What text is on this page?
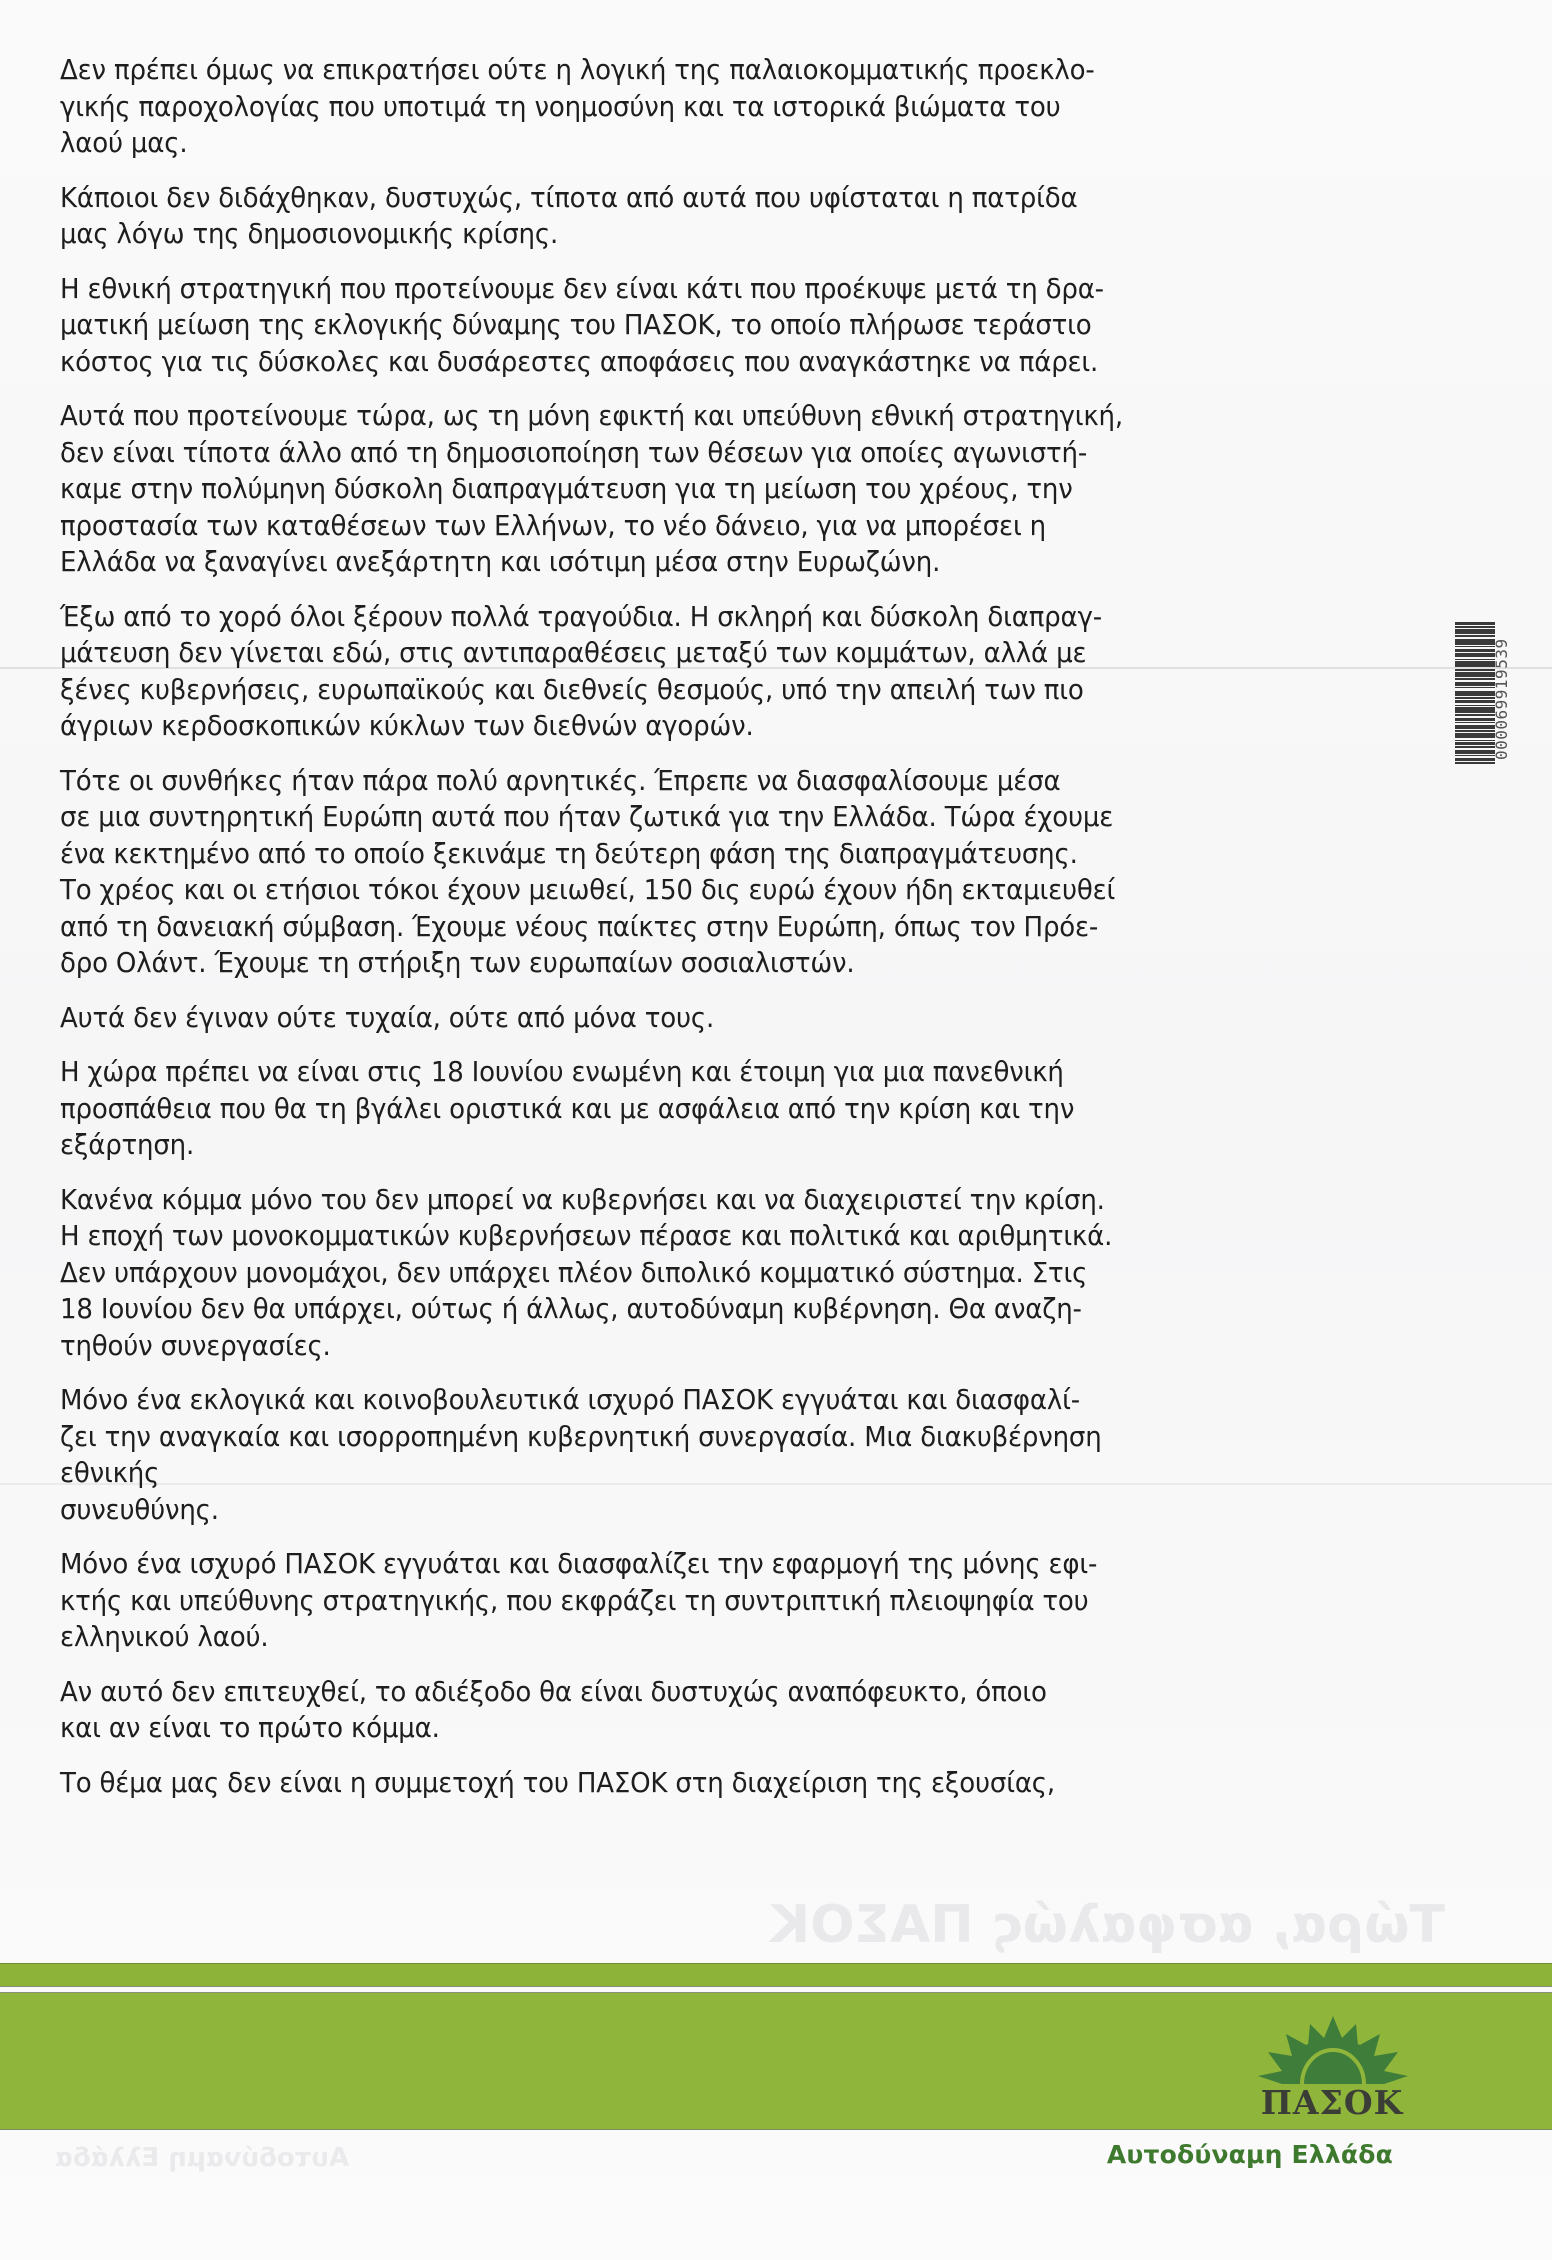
Τώρα, ασφαλώς ΠΑΣΟΚ
Αυτοδύναμη Ελλάδα
Δεν πρέπει όμως να επικρατήσει ούτε η λογική της παλαιοκομματικής προεκλο-
γικής παροχολογίας που υποτιμά τη νοημοσύνη και τα ιστορικά βιώματα του
λαού μας.
Κάποιοι δεν διδάχθηκαν, δυστυχώς, τίποτα από αυτά που υφίσταται η πατρίδα
μας λόγω της δημοσιονομικής κρίσης.
Η εθνική στρατηγική που προτείνουμε δεν είναι κάτι που προέκυψε μετά τη δρα-
ματική μείωση της εκλογικής δύναμης του ΠΑΣΟΚ, το οποίο πλήρωσε τεράστιο
κόστος για τις δύσκολες και δυσάρεστες αποφάσεις που αναγκάστηκε να πάρει.
Αυτά που προτείνουμε τώρα, ως τη μόνη εφικτή και υπεύθυνη εθνική στρατηγική,
δεν είναι τίποτα άλλο από τη δημοσιοποίηση των θέσεων για οποίες αγωνιστή-
καμε στην πολύμηνη δύσκολη διαπραγμάτευση για τη μείωση του χρέους, την
προστασία των καταθέσεων των Ελλήνων, το νέο δάνειο, για να μπορέσει η
Ελλάδα να ξαναγίνει ανεξάρτητη και ισότιμη μέσα στην Ευρωζώνη.
Έξω από το χορό όλοι ξέρουν πολλά τραγούδια. Η σκληρή και δύσκολη διαπραγ-
μάτευση δεν γίνεται εδώ, στις αντιπαραθέσεις μεταξύ των κομμάτων, αλλά με
ξένες κυβερνήσεις, ευρωπαϊκούς και διεθνείς θεσμούς, υπό την απειλή των πιο
άγριων κερδοσκοπικών κύκλων των διεθνών αγορών.
Τότε οι συνθήκες ήταν πάρα πολύ αρνητικές. Έπρεπε να διασφαλίσουμε μέσα
σε μια συντηρητική Ευρώπη αυτά που ήταν ζωτικά για την Ελλάδα. Τώρα έχουμε
ένα κεκτημένο από το οποίο ξεκινάμε τη δεύτερη φάση της διαπραγμάτευσης.
Το χρέος και οι ετήσιοι τόκοι έχουν μειωθεί, 150 δις ευρώ έχουν ήδη εκταμιευθεί
από τη δανειακή σύμβαση. Έχουμε νέους παίκτες στην Ευρώπη, όπως τον Πρόε-
δρο Ολάντ. Έχουμε τη στήριξη των ευρωπαίων σοσιαλιστών.
Αυτά δεν έγιναν ούτε τυχαία, ούτε από μόνα τους.
Η χώρα πρέπει να είναι στις 18 Ιουνίου ενωμένη και έτοιμη για μια πανεθνική
προσπάθεια που θα τη βγάλει οριστικά και με ασφάλεια από την κρίση και την
εξάρτηση.
Κανένα κόμμα μόνο του δεν μπορεί να κυβερνήσει και να διαχειριστεί την κρίση.
Η εποχή των μονοκομματικών κυβερνήσεων πέρασε και πολιτικά και αριθμητικά.
Δεν υπάρχουν μονομάχοι, δεν υπάρχει πλέον διπολικό κομματικό σύστημα. Στις
18 Ιουνίου δεν θα υπάρχει, ούτως ή άλλως, αυτοδύναμη κυβέρνηση. Θα αναζη-
τηθούν συνεργασίες.
Μόνο ένα εκλογικά και κοινοβουλευτικά ισχυρό ΠΑΣΟΚ εγγυάται και διασφαλί-
ζει την αναγκαία και ισορροπημένη κυβερνητική συνεργασία. Μια διακυβέρνηση
εθνικής
συνευθύνης.
Μόνο ένα ισχυρό ΠΑΣΟΚ εγγυάται και διασφαλίζει την εφαρμογή της μόνης εφι-
κτής και υπεύθυνης στρατηγικής, που εκφράζει τη συντριπτική πλειοψηφία του
ελληνικού λαού.
Αν αυτό δεν επιτευχθεί, το αδιέξοδο θα είναι δυστυχώς αναπόφευκτο, όποιο
και αν είναι το πρώτο κόμμα.
Το θέμα μας δεν είναι η συμμετοχή του ΠΑΣΟΚ στη διαχείριση της εξουσίας,
000069919539
ΠΑΣΟΚ
Αυτοδύναμη Ελλάδα
